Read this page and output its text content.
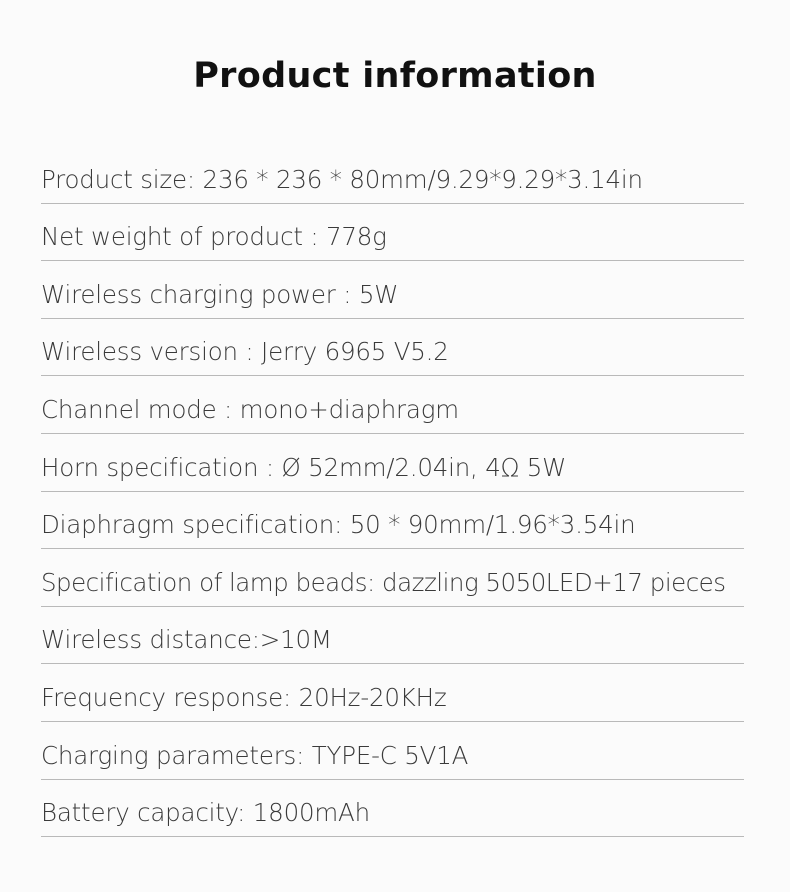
Product information
Product size: 236 * 236 * 80mm/9.29*9.29*3.14in
Net weight of product : 778g
Wireless charging power : 5W
Wireless version : Jerry 6965 V5.2
Channel mode : mono+diaphragm
Horn specification : Ø 52mm/2.04in, 4Ω 5W
Diaphragm specification: 50 * 90mm/1.96*3.54in
Specification of lamp beads: dazzling 5050LED+17 pieces
Wireless distance:>10M
Frequency response: 20Hz-20KHz
Charging parameters: TYPE-C 5V1A
Battery capacity: 1800mAh
